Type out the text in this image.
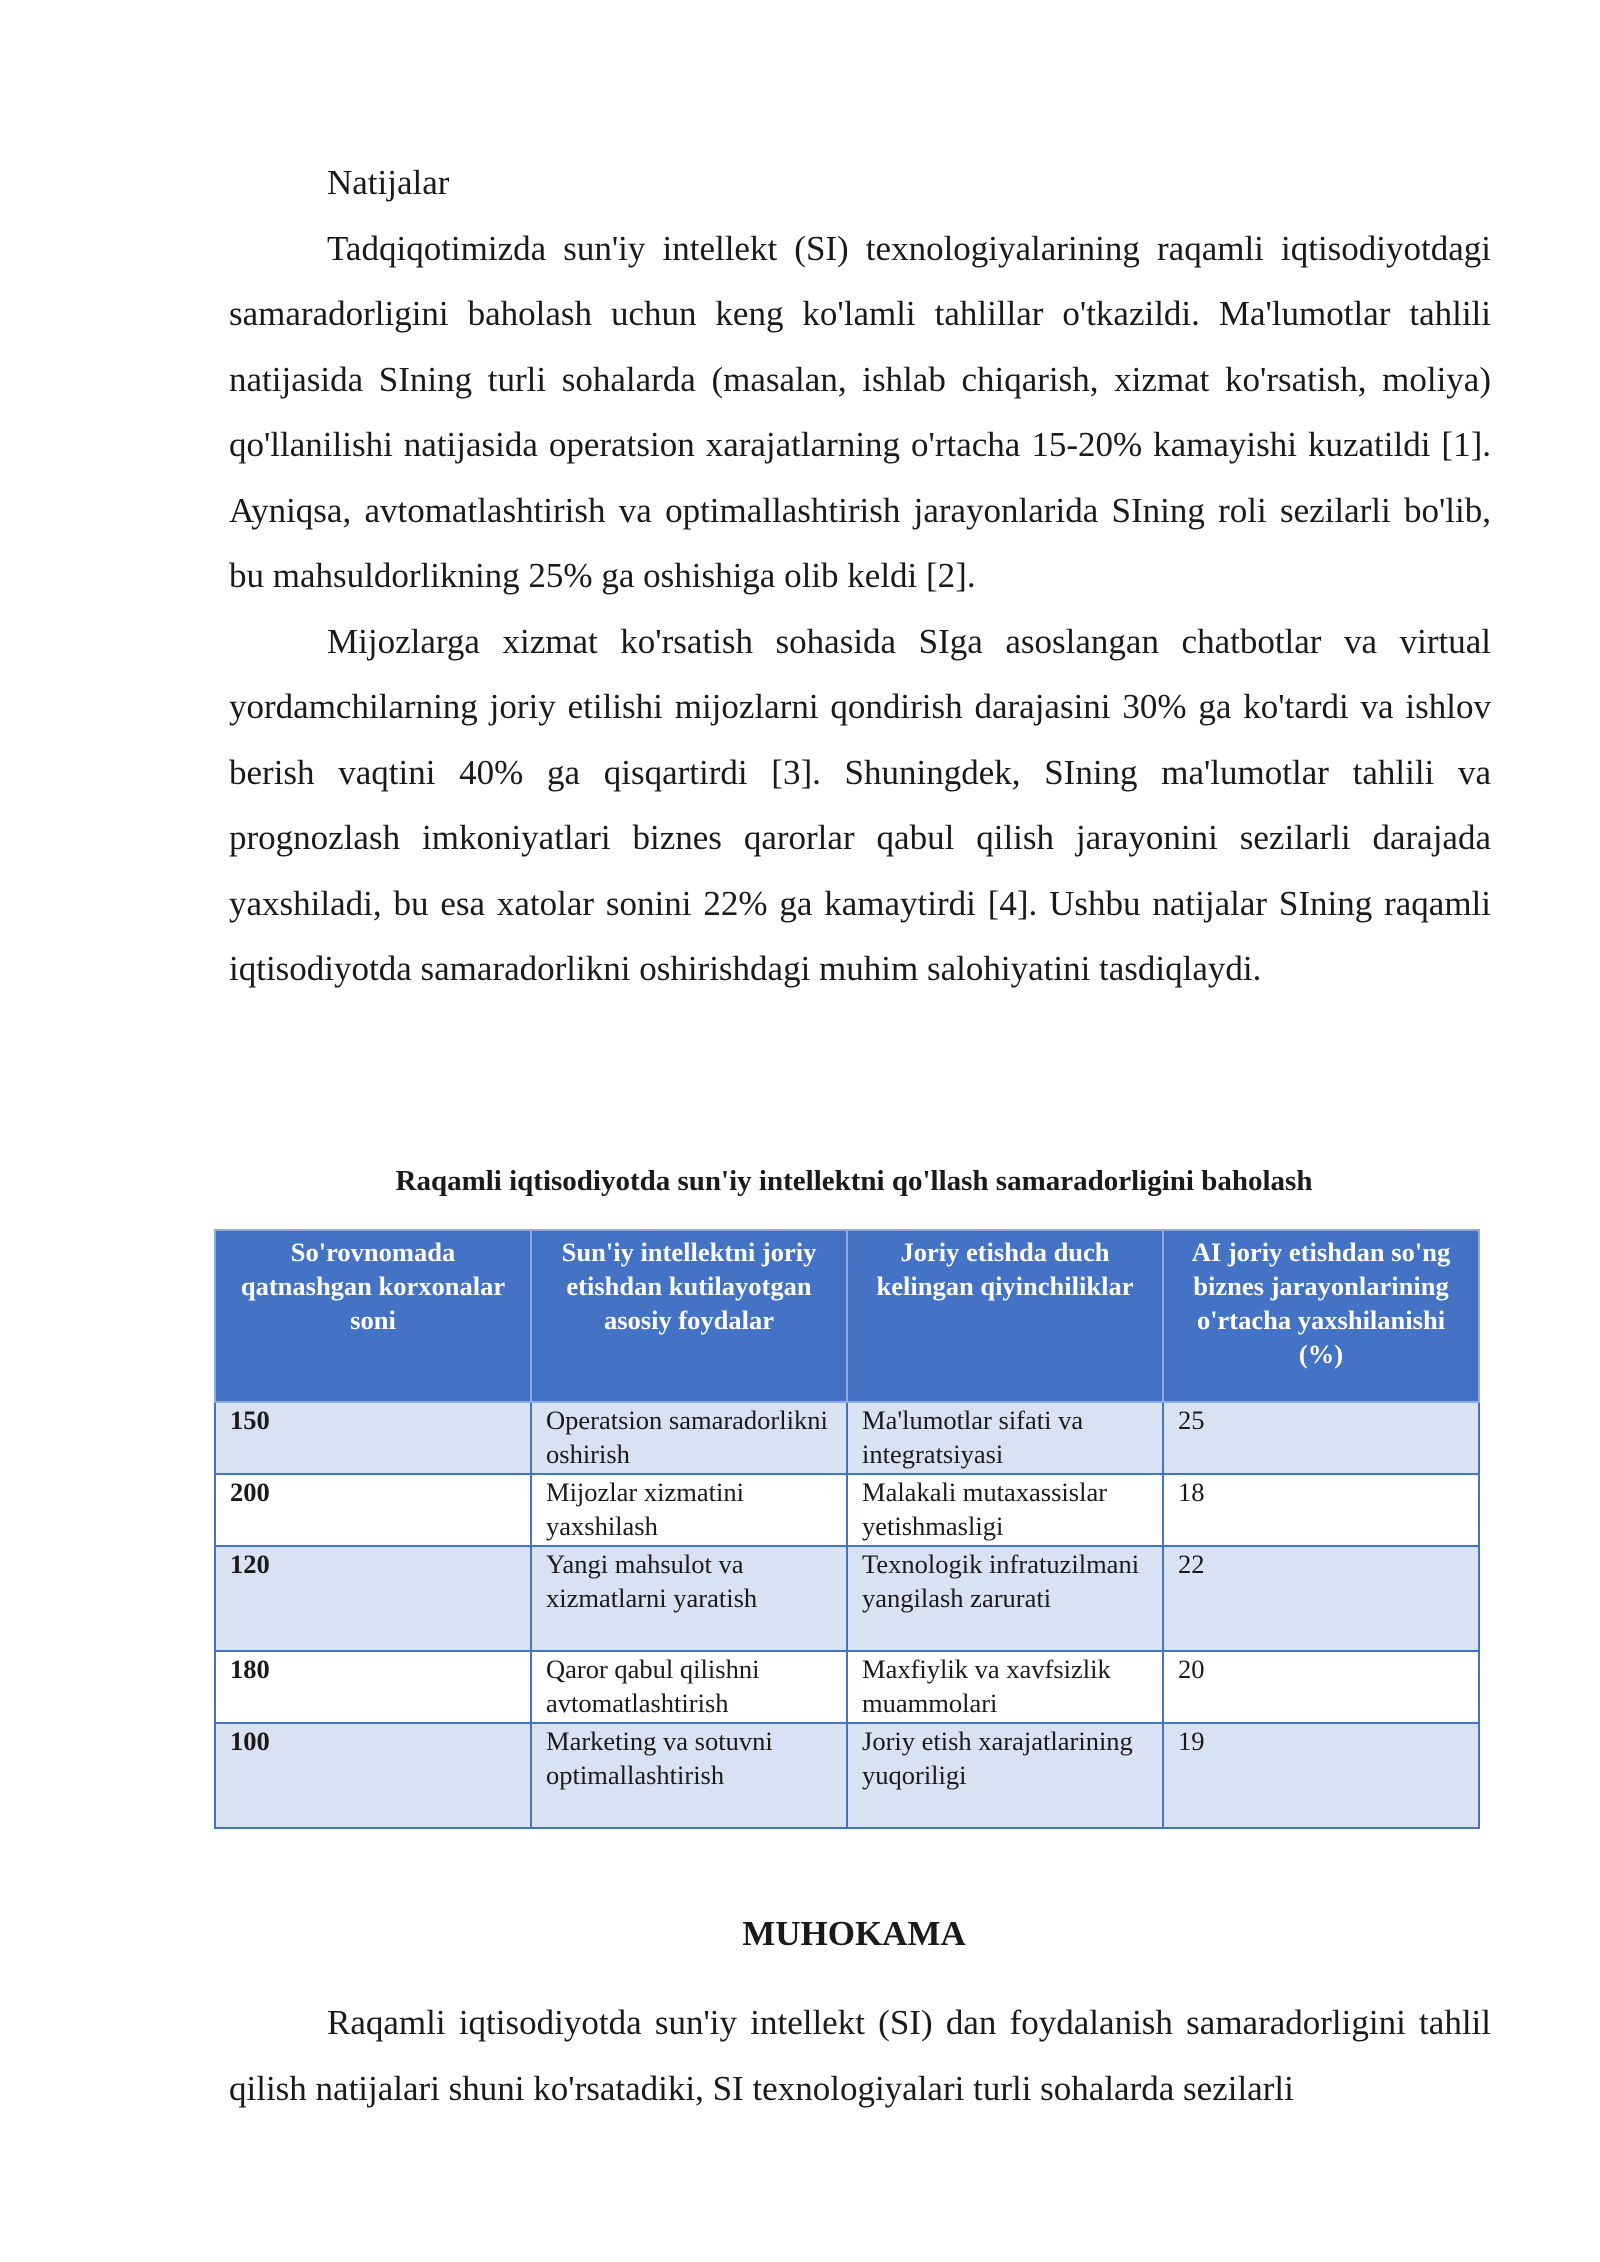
Natijalar

Tadqiqotimizda sun'iy intellekt (SI) texnologiyalarining raqamli iqtisodiyotdagi samaradorligini baholash uchun keng ko'lamli tahlillar o'tkazildi. Ma'lumotlar tahlili natijasida SIning turli sohalarda (masalan, ishlab chiqarish, xizmat ko'rsatish, moliya) qo'llanilishi natijasida operatsion xarajatlarning o'rtacha 15-20% kamayishi kuzatildi [1]. Ayniqsa, avtomatlashtirish va optimallashtirish jarayonlarida SIning roli sezilarli bo'lib, bu mahsuldorlikning 25% ga oshishiga olib keldi [2].

Mijozlarga xizmat ko'rsatish sohasida SIga asoslangan chatbotlar va virtual yordamchilarning joriy etilishi mijozlarni qondirish darajasini 30% ga ko'tardi va ishlov berish vaqtini 40% ga qisqartirdi [3]. Shuningdek, SIning ma'lumotlar tahlili va prognozlash imkoniyatlari biznes qarorlar qabul qilish jarayonini sezilarli darajada yaxshiladi, bu esa xatolar sonini 22% ga kamaytirdi [4]. Ushbu natijalar SIning raqamli iqtisodiyotda samaradorlikni oshirishdagi muhim salohiyatini tasdiqlaydi.

Raqamli iqtisodiyotda sun'iy intellektni qo'llash samaradorligini baholash
So'rovnomada qatnashgan korxonalar soni	Sun'iy intellektni joriy etishdan kutilayotgan asosiy foydalar	Joriy etishda duch kelingan qiyinchiliklar	AI joriy etishdan so'ng biznes jarayonlarining o'rtacha yaxshilanishi (%)
150	Operatsion samaradorlikni oshirish	Ma'lumotlar sifati va integratsiyasi	25
200	Mijozlar xizmatini yaxshilash	Malakali mutaxassislar yetishmasligi	18
120	Yangi mahsulot va xizmatlarni yaratish	Texnologik infratuzilmani yangilash zarurati	22
180	Qaror qabul qilishni avtomatlashtirish	Maxfiylik va xavfsizlik muammolari	20
100	Marketing va sotuvni optimallashtirish	Joriy etish xarajatlarining yuqoriligi	19
MUHOKAMA

Raqamli iqtisodiyotda sun'iy intellekt (SI) dan foydalanish samaradorligini tahlil qilish natijalari shuni ko'rsatadiki, SI texnologiyalari turli sohalarda sezilarli
